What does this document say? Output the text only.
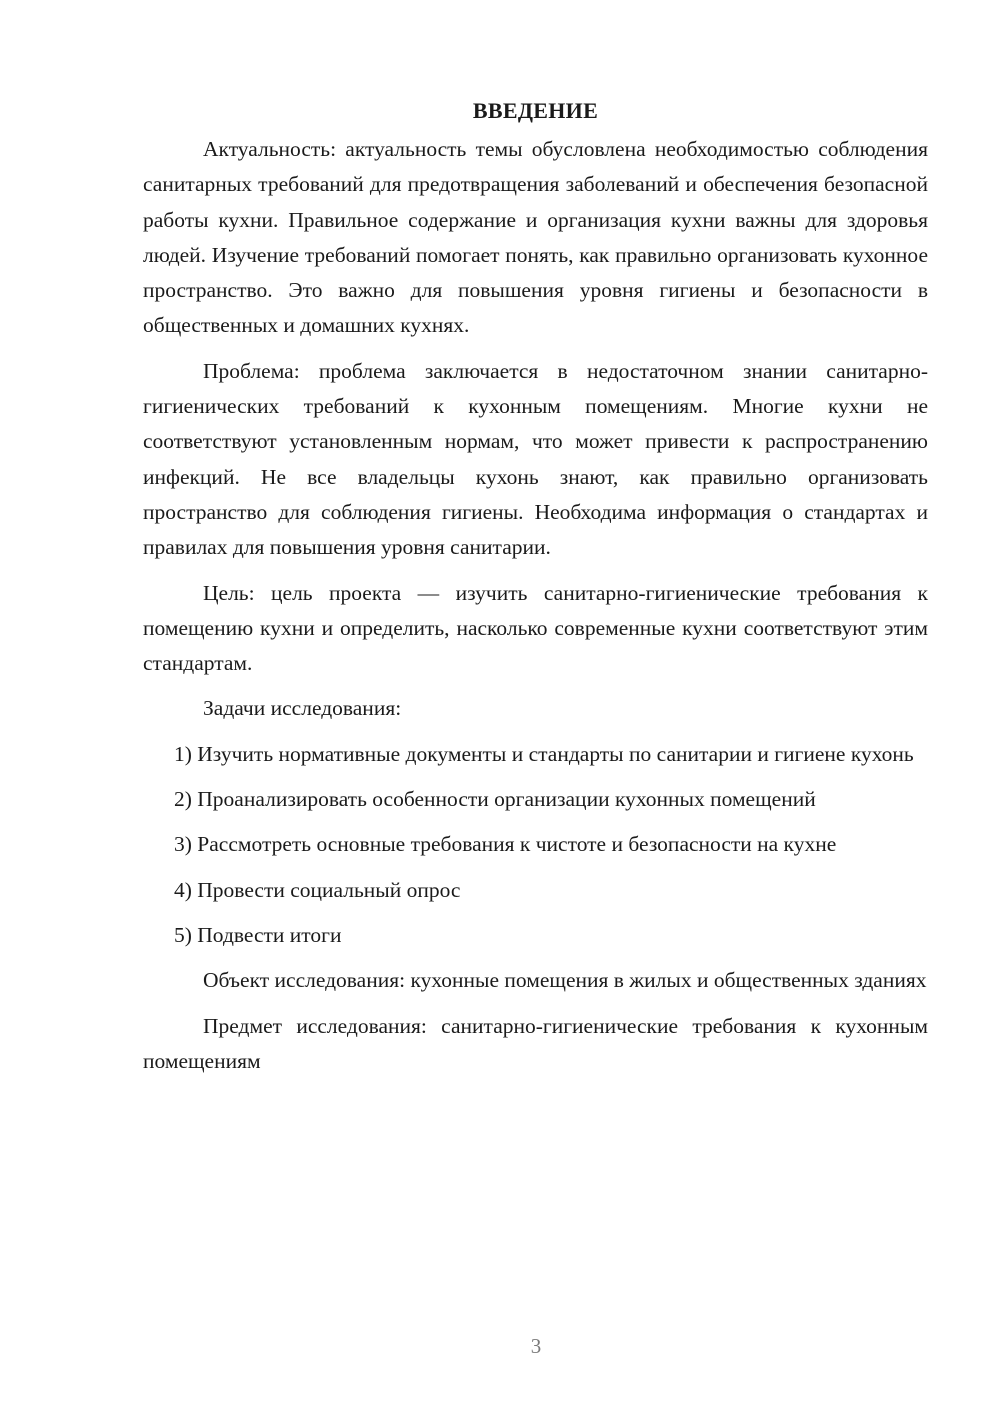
ВВЕДЕНИЕ

Актуальность: актуальность темы обусловлена необходимостью соблюдения санитарных требований для предотвращения заболеваний и обеспечения безопасной работы кухни. Правильное содержание и организация кухни важны для здоровья людей. Изучение требований помогает понять, как правильно организовать кухонное пространство. Это важно для повышения уровня гигиены и безопасности в общественных и домашних кухнях.

Проблема: проблема заключается в недостаточном знании санитарно-гигиенических требований к кухонным помещениям. Многие кухни не соответствуют установленным нормам, что может привести к распространению инфекций. Не все владельцы кухонь знают, как правильно организовать пространство для соблюдения гигиены. Необходима информация о стандартах и правилах для повышения уровня санитарии.

Цель: цель проекта — изучить санитарно-гигиенические требования к помещению кухни и определить, насколько современные кухни соответствуют этим стандартам.

Задачи исследования:

1) Изучить нормативные документы и стандарты по санитарии и гигиене кухонь

2) Проанализировать особенности организации кухонных помещений

3) Рассмотреть основные требования к чистоте и безопасности на кухне

4) Провести социальный опрос

5) Подвести итоги

Объект исследования: кухонные помещения в жилых и общественных зданиях

Предмет исследования: санитарно-гигиенические требования к кухонным помещениям

3
